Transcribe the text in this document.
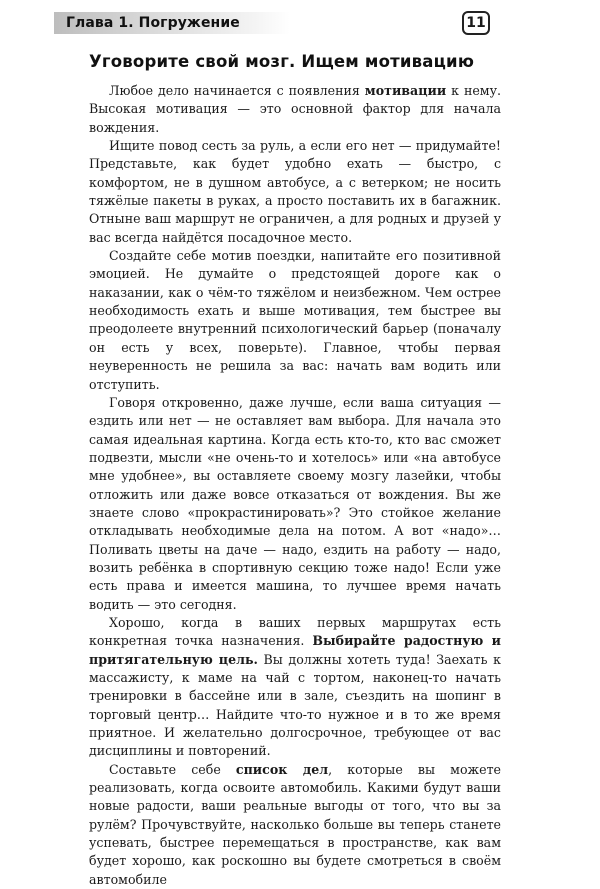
Глава 1. Погружение	11
Уговорите свой мозг. Ищем мотивацию

Любое дело начинается с появления мотивации к нему. Высокая мотивация — это основной фактор для начала вождения.

Ищите повод сесть за руль, а если его нет — придумайте! Представьте, как будет удобно ехать — быстро, с комфортом, не в душном автобусе, а с ветерком; не носить тяжёлые пакеты в руках, а просто поставить их в багажник. Отныне ваш маршрут не ограничен, а для родных и друзей у вас всегда найдётся посадочное место.

Создайте себе мотив поездки, напитайте его позитивной эмоцией. Не думайте о предстоящей дороге как о наказании, как о чём-то тяжёлом и неизбежном. Чем острее необходимость ехать и выше мотивация, тем быстрее вы преодолеете внутренний психологический барьер (поначалу он есть у всех, поверьте). Главное, чтобы первая неуверенность не решила за вас: начать вам водить или отступить.

Говоря откровенно, даже лучше, если ваша ситуация — ездить или нет — не оставляет вам выбора. Для начала это самая идеальная картина. Когда есть кто-то, кто вас сможет подвезти, мысли «не очень-то и хотелось» или «на автобусе мне удобнее», вы оставляете своему мозгу лазейки, чтобы отложить или даже вовсе отказаться от вождения. Вы же знаете слово «прокрастинировать»? Это стойкое желание откладывать необходимые дела на потом. А вот «надо»… Поливать цветы на даче — надо, ездить на работу — надо, возить ребёнка в спортивную секцию тоже надо! Если уже есть права и имеется машина, то лучшее время начать водить — это сегодня.

Хорошо, когда в ваших первых маршрутах есть конкретная точка назначения. Выбирайте радостную и притягательную цель. Вы должны хотеть туда! Заехать к массажисту, к маме на чай с тортом, наконец-то начать тренировки в бассейне или в зале, съездить на шопинг в торговый центр… Найдите что-то нужное и в то же время приятное. И желательно долгосрочное, требующее от вас дисциплины и повторений.

Составьте себе список дел, которые вы можете реализовать, когда освоите автомобиль. Какими будут ваши новые радости, ваши реальные выгоды от того, что вы за рулём? Прочувствуйте, насколько больше вы теперь станете успевать, быстрее перемещаться в пространстве, как вам будет хорошо, как роскошно вы будете смотреться в своём автомобиле
